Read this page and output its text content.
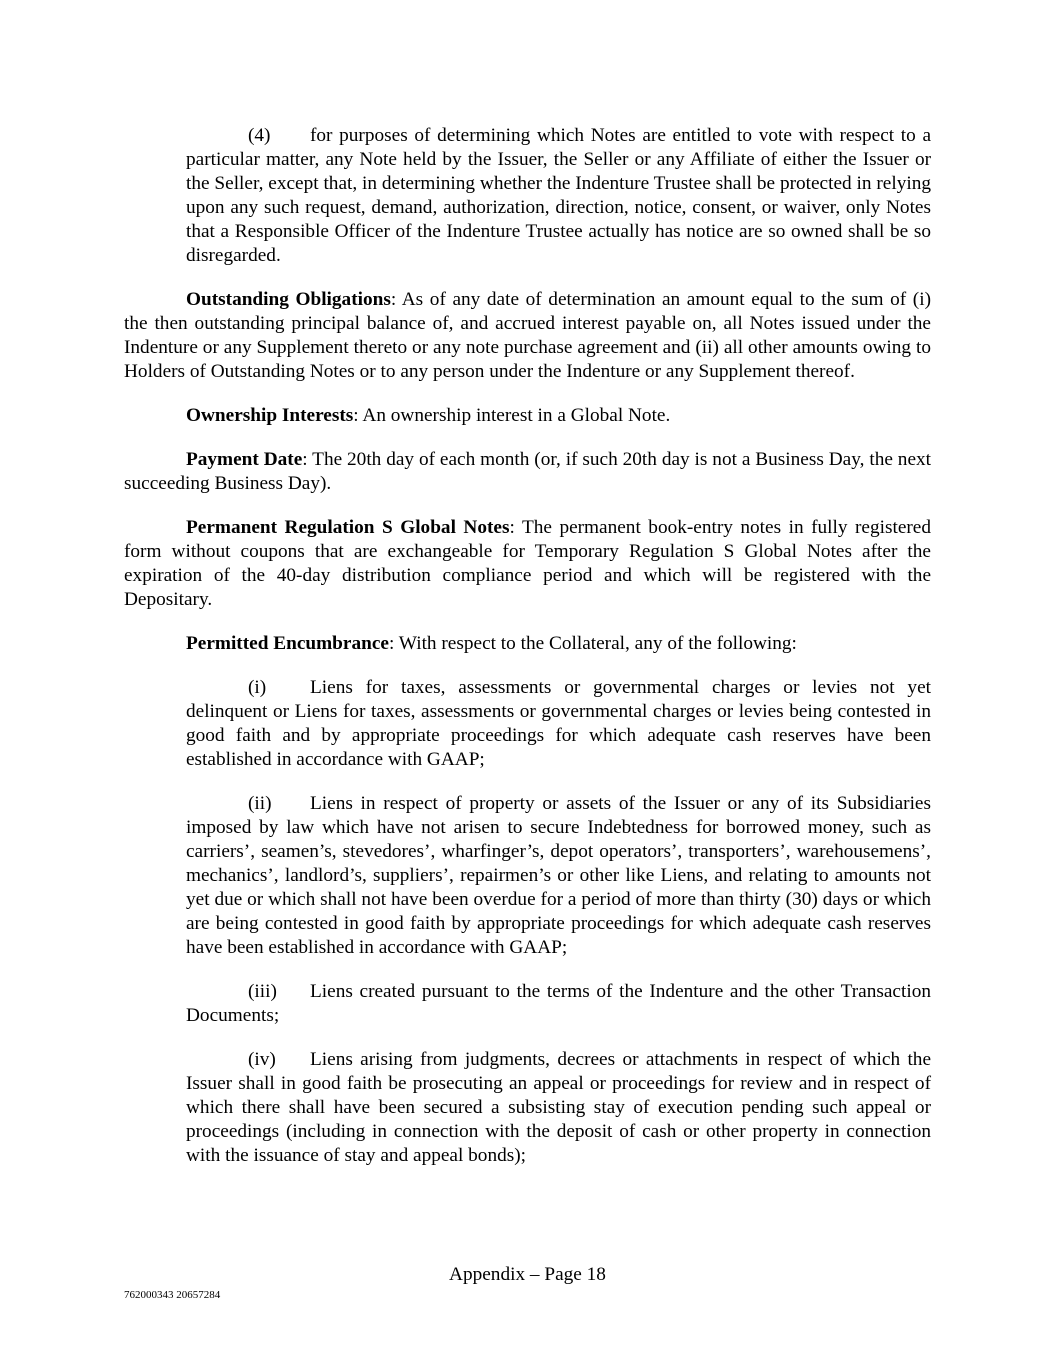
(4) for purposes of determining which Notes are entitled to vote with respect to a particular matter, any Note held by the Issuer, the Seller or any Affiliate of either the Issuer or the Seller, except that, in determining whether the Indenture Trustee shall be protected in relying upon any such request, demand, authorization, direction, notice, consent, or waiver, only Notes that a Responsible Officer of the Indenture Trustee actually has notice are so owned shall be so disregarded.

Outstanding Obligations: As of any date of determination an amount equal to the sum of (i) the then outstanding principal balance of, and accrued interest payable on, all Notes issued under the Indenture or any Supplement thereto or any note purchase agreement and (ii) all other amounts owing to Holders of Outstanding Notes or to any person under the Indenture or any Supplement thereof.

Ownership Interests: An ownership interest in a Global Note.

Payment Date: The 20th day of each month (or, if such 20th day is not a Business Day, the next succeeding Business Day).

Permanent Regulation S Global Notes: The permanent book-entry notes in fully registered form without coupons that are exchangeable for Temporary Regulation S Global Notes after the expiration of the 40-day distribution compliance period and which will be registered with the Depositary.

Permitted Encumbrance: With respect to the Collateral, any of the following:

(i) Liens for taxes, assessments or governmental charges or levies not yet delinquent or Liens for taxes, assessments or governmental charges or levies being contested in good faith and by appropriate proceedings for which adequate cash reserves have been established in accordance with GAAP;

(ii) Liens in respect of property or assets of the Issuer or any of its Subsidiaries imposed by law which have not arisen to secure Indebtedness for borrowed money, such as carriers’, seamen’s, stevedores’, wharfinger’s, depot operators’, transporters’, warehousemens’, mechanics’, landlord’s, suppliers’, repairmen’s or other like Liens, and relating to amounts not yet due or which shall not have been overdue for a period of more than thirty (30) days or which are being contested in good faith by appropriate proceedings for which adequate cash reserves have been established in accordance with GAAP;

(iii) Liens created pursuant to the terms of the Indenture and the other Transaction Documents;

(iv) Liens arising from judgments, decrees or attachments in respect of which the Issuer shall in good faith be prosecuting an appeal or proceedings for review and in respect of which there shall have been secured a subsisting stay of execution pending such appeal or proceedings (including in connection with the deposit of cash or other property in connection with the issuance of stay and appeal bonds);

Appendix – Page 18
762000343 20657284
